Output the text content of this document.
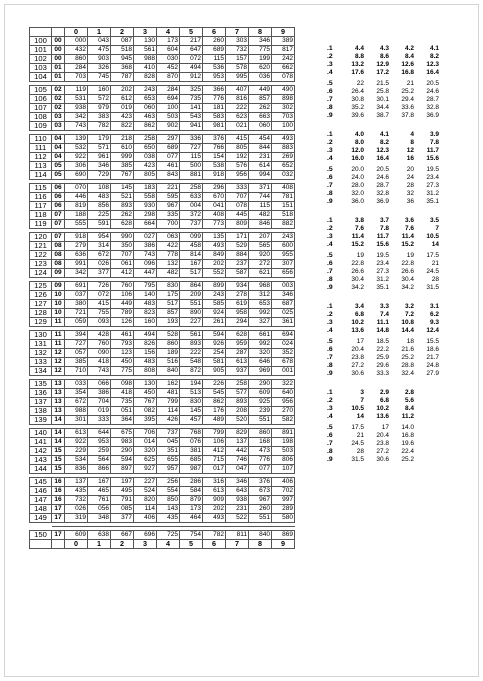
		0	1	2	3	4	5	6	7	8	9
100	00	000	043	087	130	173	217	260	303	346	389
101	00	432	475	518	561	604	647	689	732	775	817
102	00	860	903	945	988	030	072	115	157	199	242
103	01	284	326	368	410	452	494	536	578	620	662
104	01	703	745	787	828	870	912	953	995	036	078

105	02	119	160	202	243	284	325	366	407	449	490
106	02	531	572	612	653	694	735	776	816	857	898
107	02	938	979	019	060	100	141	181	222	262	302
108	03	342	383	423	463	503	543	583	623	663	703
109	03	743	782	822	862	902	941	981	021	060	100

110	04	139	179	218	258	297	336	376	415	454	493
111	04	532	571	610	650	689	727	766	805	844	883
112	04	922	961	999	038	077	115	154	192	231	269
113	05	306	346	385	423	461	500	538	576	614	652
114	05	690	729	767	805	843	881	918	956	994	032

115	06	070	108	145	183	221	258	296	333	371	408
116	06	446	483	521	558	595	633	670	707	744	781
117	06	819	856	893	930	967	004	041	078	115	151
118	07	188	225	262	298	335	372	408	445	482	518
119	07	555	591	628	664	700	737	773	809	846	882

120	07	918	954	990	027	063	099	135	171	207	243
121	08	279	314	350	386	422	458	493	529	565	600
122	08	636	672	707	743	778	814	849	884	920	955
123	08	991	026	061	096	132	167	202	237	272	307
124	09	342	377	412	447	482	517	552	587	621	656

125	09	691	726	760	795	830	864	899	934	968	003
126	10	037	072	106	140	175	209	243	278	312	346
127	10	380	415	449	483	517	551	585	619	653	687
128	10	721	755	789	823	857	890	924	958	992	025
129	11	059	093	126	160	193	227	261	294	327	361

130	11	394	428	461	494	528	561	594	628	661	694
131	11	727	760	793	826	860	893	926	959	992	024
132	12	057	090	123	156	189	222	254	287	320	352
133	12	385	418	450	483	516	548	581	613	646	678
134	12	710	743	775	808	840	872	905	937	969	001

135	13	033	066	098	130	162	194	226	258	290	322
136	13	354	386	418	450	481	513	545	577	609	640
137	13	672	704	735	767	799	830	862	893	925	956
138	13	988	019	051	082	114	145	176	208	239	270
139	14	301	333	364	395	426	457	489	520	551	582

140	14	613	644	675	706	737	768	799	829	860	891
141	14	922	953	983	014	045	076	106	137	168	198
142	15	229	259	290	320	351	381	412	442	473	503
143	15	534	564	594	625	655	685	715	746	776	806
144	15	836	866	897	927	957	987	017	047	077	107

145	16	137	167	197	227	256	286	316	346	376	406
146	16	435	465	495	524	554	584	613	643	673	702
147	16	732	761	791	820	850	879	909	938	967	997
148	17	026	056	085	114	143	173	202	231	260	289
149	17	319	348	377	406	435	464	493	522	551	580

150	17	609	638	667	696	725	754	782	811	840	869
		0	1	2	3	4	5	6	7	8	9

.1	4.4	4.3	4.2	4.1
.2	8.8	8.6	8.4	8.2
.3	13.2	12.9	12.6	12.3
.4	17.6	17.2	16.8	16.4

.5	22	21.5	21	20.5
.6	26.4	25.8	25.2	24.6
.7	30.8	30.1	29.4	28.7
.8	35.2	34.4	33.6	32.8
.9	39.6	38.7	37.8	36.9

.1	4.0	4.1	4	3.9
.2	8.0	8.2	8	7.8
.3	12.0	12.3	12	11.7
.4	16.0	16.4	16	15.6

.5	20.0	20.5	20	19.5
.6	24.0	24.6	24	23.4
.7	28.0	28.7	28	27.3
.8	32.0	32.8	32	31.2
.9	36.0	36.9	36	35.1

.1	3.8	3.7	3.6	3.5
.2	7.6	7.8	7.6	7
.3	11.4	11.7	11.4	10.5
.4	15.2	15.6	15.2	14

.5	19	19.5	19	17.5
.6	22.8	23.4	22.8	21
.7	26.6	27.3	26.6	24.5
.8	30.4	31.2	30.4	28
.9	34.2	35.1	34.2	31.5

.1	3.4	3.3	3.2	3.1
.2	6.8	7.4	7.2	6.2
.3	10.2	11.1	10.8	9.3
.4	13.6	14.8	14.4	12.4

.5	17	18.5	18	15.5
.6	20.4	22.2	21.6	18.6
.7	23.8	25.9	25.2	21.7
.8	27.2	29.6	28.8	24.8
.9	30.6	33.3	32.4	27.9

.1	3	2.9	2.8	
.2	7	6.8	5.6	
.3	10.5	10.2	8.4	
.4	14	13.6	11.2	

.5	17.5	17	14.0	
.6	21	20.4	16.8	
.7	24.5	23.8	19.6	
.8	28	27.2	22.4	
.9	31.5	30.6	25.2	
